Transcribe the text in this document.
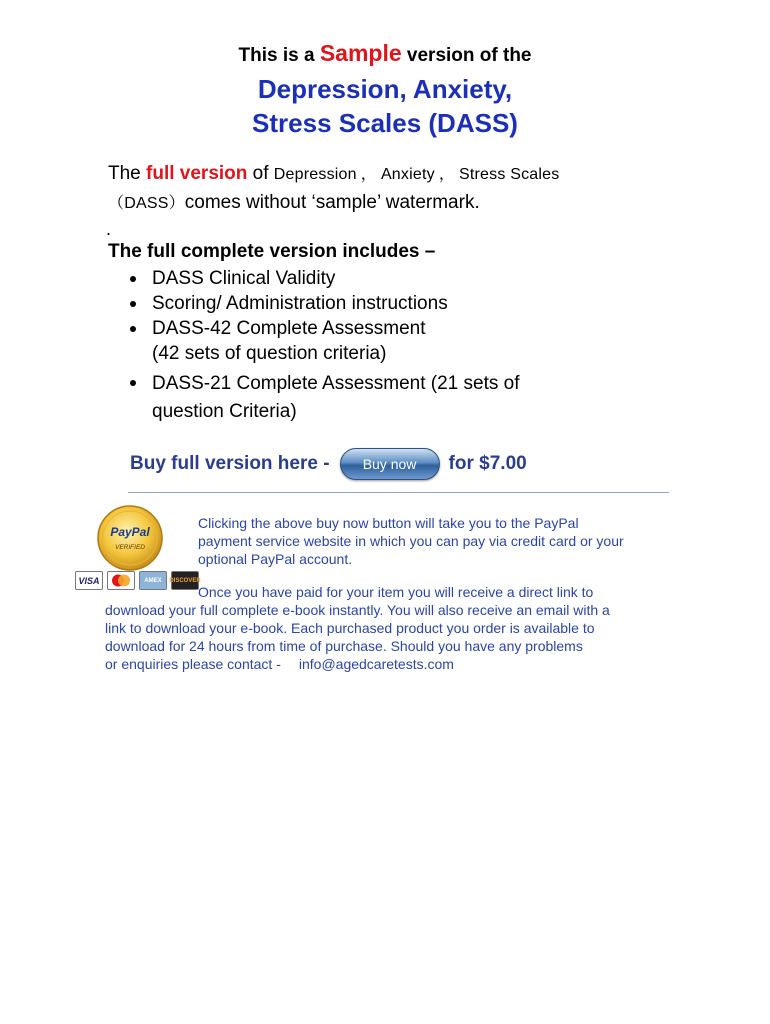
This is a Sample version of the
Depression, Anxiety,
Stress Scales (DASS)
The full version of Depression ， Anxiety ， Stress Scales
（DASS）comes without ‘sample’ watermark.
.
The full complete version includes –
DASS Clinical Validity
Scoring/ Administration instructions
DASS-42 Complete Assessment
(42 sets of question criteria)
DASS-21 Complete Assessment (21 sets of
question Criteria)
Buy full version here -	Buy now	for $7.00
PayPal
VERIFIED
VISA	AMEX	DISCOVER
Clicking the above buy now button will take you to the PayPal
payment service website in which you can pay via credit card or your
optional PayPal account.
Once you have paid for your item you will receive a direct link to
download your full complete e-book instantly. You will also receive an email with a
link to download your e-book. Each purchased product you order is available to
download for 24 hours from time of purchase. Should you have any problems
or enquiries please contact - info@agedcaretests.com
